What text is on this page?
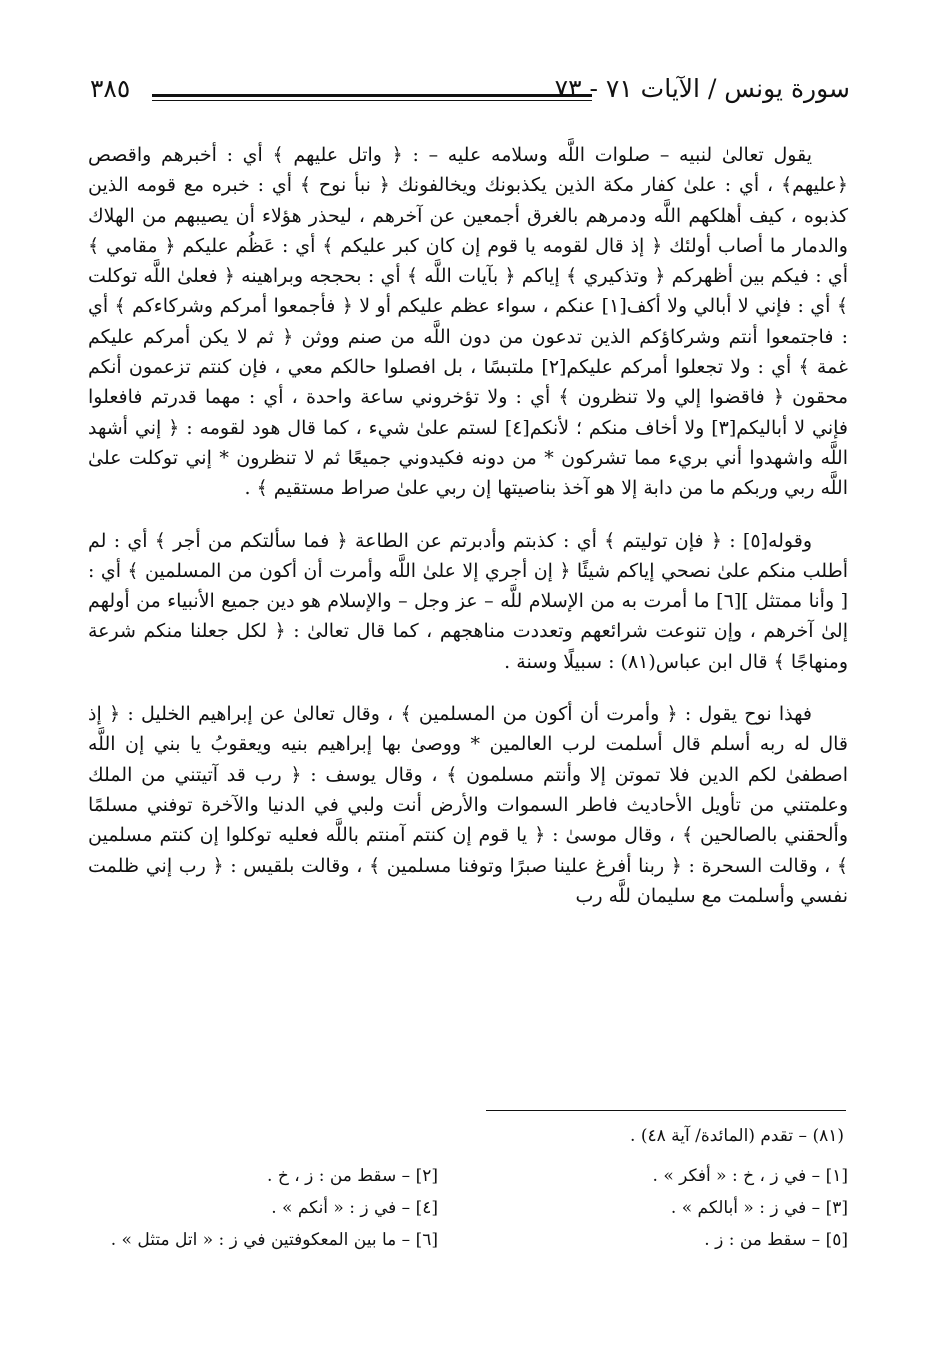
سورة يونس / الآيات ٧١ - ٧٣
٣٨٥

يقول تعالىٰ لنبيه – صلوات اللَّه وسلامه عليه – : ﴿ واتل عليهم ﴾ أي : أخبرهم واقصص ﴿عليهم﴾ ، أي : علىٰ كفار مكة الذين يكذبونك ويخالفونك ﴿ نبأ نوح ﴾ أي : خبره مع قومه الذين كذبوه ، كيف أهلكهم اللَّه ودمرهم بالغرق أجمعين عن آخرهم ، ليحذر هؤلاء أن يصيبهم من الهلاك والدمار ما أصاب أولئك ﴿ إذ قال لقومه يا قوم إن كان كبر عليكم ﴾ أي : عَظُم عليكم ﴿ مقامي ﴾ أي : فيكم بين أظهركم ﴿ وتذكيري ﴾ إياكم ﴿ بآيات اللَّه ﴾ أي : بحججه وبراهينه ﴿ فعلىٰ اللَّه توكلت ﴾ أي : فإني لا أبالي ولا أكف[١] عنكم ، سواء عظم عليكم أو لا ﴿ فأجمعوا أمركم وشركاءكم ﴾ أي : فاجتمعوا أنتم وشركاؤكم الذين تدعون من دون اللَّه من صنم ووثن ﴿ ثم لا يكن أمركم عليكم غمة ﴾ أي : ولا تجعلوا أمركم عليكم[٢] ملتبسًا ، بل افصلوا حالكم معي ، فإن كنتم تزعمون أنكم محقون ﴿ فاقضوا إلي ولا تنظرون ﴾ أي : ولا تؤخروني ساعة واحدة ، أي : مهما قدرتم فافعلوا فإني لا أباليكم[٣] ولا أخاف منكم ؛ لأنكم[٤] لستم علىٰ شيء ، كما قال هود لقومه : ﴿ إني أشهد اللَّه واشهدوا أني بريء مما تشركون * من دونه فكيدوني جميعًا ثم لا تنظرون * إني توكلت علىٰ اللَّه ربي وربكم ما من دابة إلا هو آخذ بناصيتها إن ربي علىٰ صراط مستقيم ﴾ .

وقوله[٥] : ﴿ فإن توليتم ﴾ أي : كذبتم وأدبرتم عن الطاعة ﴿ فما سألتكم من أجر ﴾ أي : لم أطلب منكم علىٰ نصحي إياكم شيئًا ﴿ إن أجري إلا علىٰ اللَّه وأمرت أن أكون من المسلمين ﴾ أي : [ وأنا ممتثل ][٦] ما أمرت به من الإسلام للَّه – عز وجل – والإسلام هو دين جميع الأنبياء من أولهم إلىٰ آخرهم ، وإن تنوعت شرائعهم وتعددت مناهجهم ، كما قال تعالىٰ : ﴿ لكل جعلنا منكم شرعة ومنهاجًا ﴾ قال ابن عباس(٨١) : سبيلًا وسنة .

فهذا نوح يقول : ﴿ وأمرت أن أكون من المسلمين ﴾ ، وقال تعالىٰ عن إبراهيم الخليل : ﴿ إذ قال له ربه أسلم قال أسلمت لرب العالمين * ووصىٰ بها إبراهيم بنيه ويعقوبُ يا بني إن اللَّه اصطفىٰ لكم الدين فلا تموتن إلا وأنتم مسلمون ﴾ ، وقال يوسف : ﴿ رب قد آتيتني من الملك وعلمتني من تأويل الأحاديث فاطر السموات والأرض أنت ولبي في الدنيا والآخرة توفني مسلمًا وألحقني بالصالحين ﴾ ، وقال موسىٰ : ﴿ يا قوم إن كنتم آمنتم باللَّه فعليه توكلوا إن كنتم مسلمين ﴾ ، وقالت السحرة : ﴿ ربنا أفرغ علينا صبرًا وتوفنا مسلمين ﴾ ، وقالت بلقيس : ﴿ رب إني ظلمت نفسي وأسلمت مع سليمان للَّه رب

(٨١) – تقدم (المائدة/ آية ٤٨) .
[١] – في ز ، خ : « أفكر » .
[٣] – في ز : « أبالكم » .
[٥] – سقط من : ز .
[٢] – سقط من : ز ، خ .
[٤] – في ز : « أنكم » .
[٦] – ما بين المعكوفتين في ز : « اتل متثل » .
